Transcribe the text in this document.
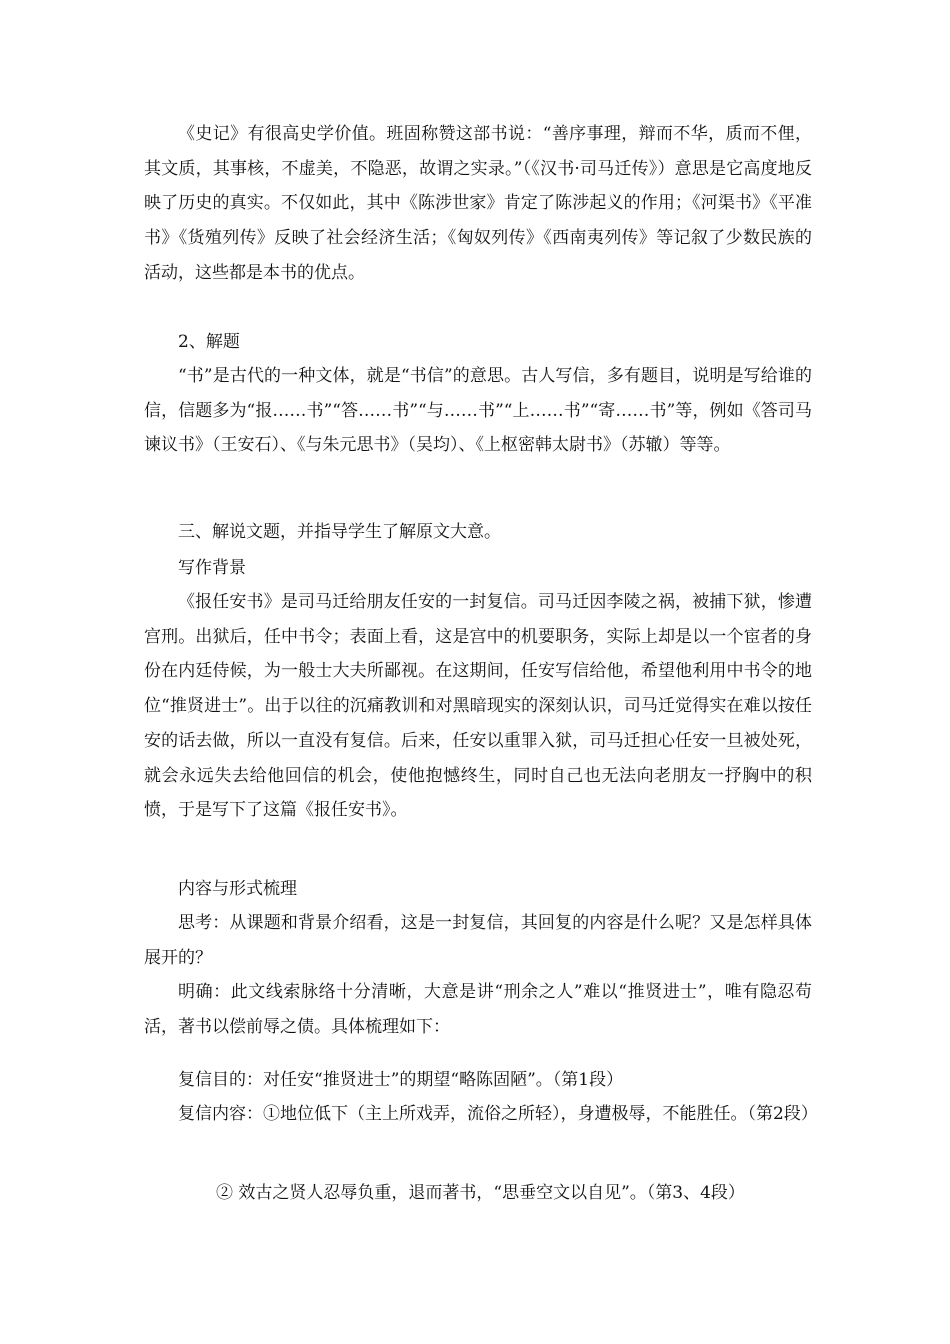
《史记》有很高史学价值。班固称赞这部书说：“善序事理，辩而不华，质而不俚，其文质，其事核，不虚美，不隐恶，故谓之实录。”（《汉书·司马迁传》）意思是它高度地反映了历史的真实。不仅如此，其中《陈涉世家》肯定了陈涉起义的作用；《河渠书》《平准书》《货殖列传》反映了社会经济生活；《匈奴列传》《西南夷列传》等记叙了少数民族的活动，这些都是本书的优点。

2、解题

“书”是古代的一种文体，就是“书信”的意思。古人写信，多有题目，说明是写给谁的信，信题多为“报……书”“答……书”“与……书”“上……书”“寄……书”等，例如《答司马谏议书》（王安石）、《与朱元思书》（吴均）、《上枢密韩太尉书》（苏辙）等等。

三、解说文题，并指导学生了解原文大意。

写作背景

《报任安书》是司马迁给朋友任安的一封复信。司马迁因李陵之祸，被捕下狱，惨遭宫刑。出狱后，任中书令；表面上看，这是宫中的机要职务，实际上却是以一个宦者的身份在内廷侍候，为一般士大夫所鄙视。在这期间，任安写信给他，希望他利用中书令的地位“推贤进士”。出于以往的沉痛教训和对黑暗现实的深刻认识，司马迁觉得实在难以按任安的话去做，所以一直没有复信。后来，任安以重罪入狱，司马迁担心任安一旦被处死，就会永远失去给他回信的机会，使他抱憾终生，同时自己也无法向老朋友一抒胸中的积愤，于是写下了这篇《报任安书》。

内容与形式梳理

思考：从课题和背景介绍看，这是一封复信，其回复的内容是什么呢？又是怎样具体展开的？

明确：此文线索脉络十分清晰，大意是讲“刑余之人”难以“推贤进士”，唯有隐忍苟活，著书以偿前辱之债。具体梳理如下：

复信目的：对任安“推贤进士”的期望“略陈固陋”。（第1段）

复信内容：①地位低下（主上所戏弄，流俗之所轻），身遭极辱，不能胜任。（第2段）

② 效古之贤人忍辱负重，退而著书，“思垂空文以自见”。（第3、4段）
